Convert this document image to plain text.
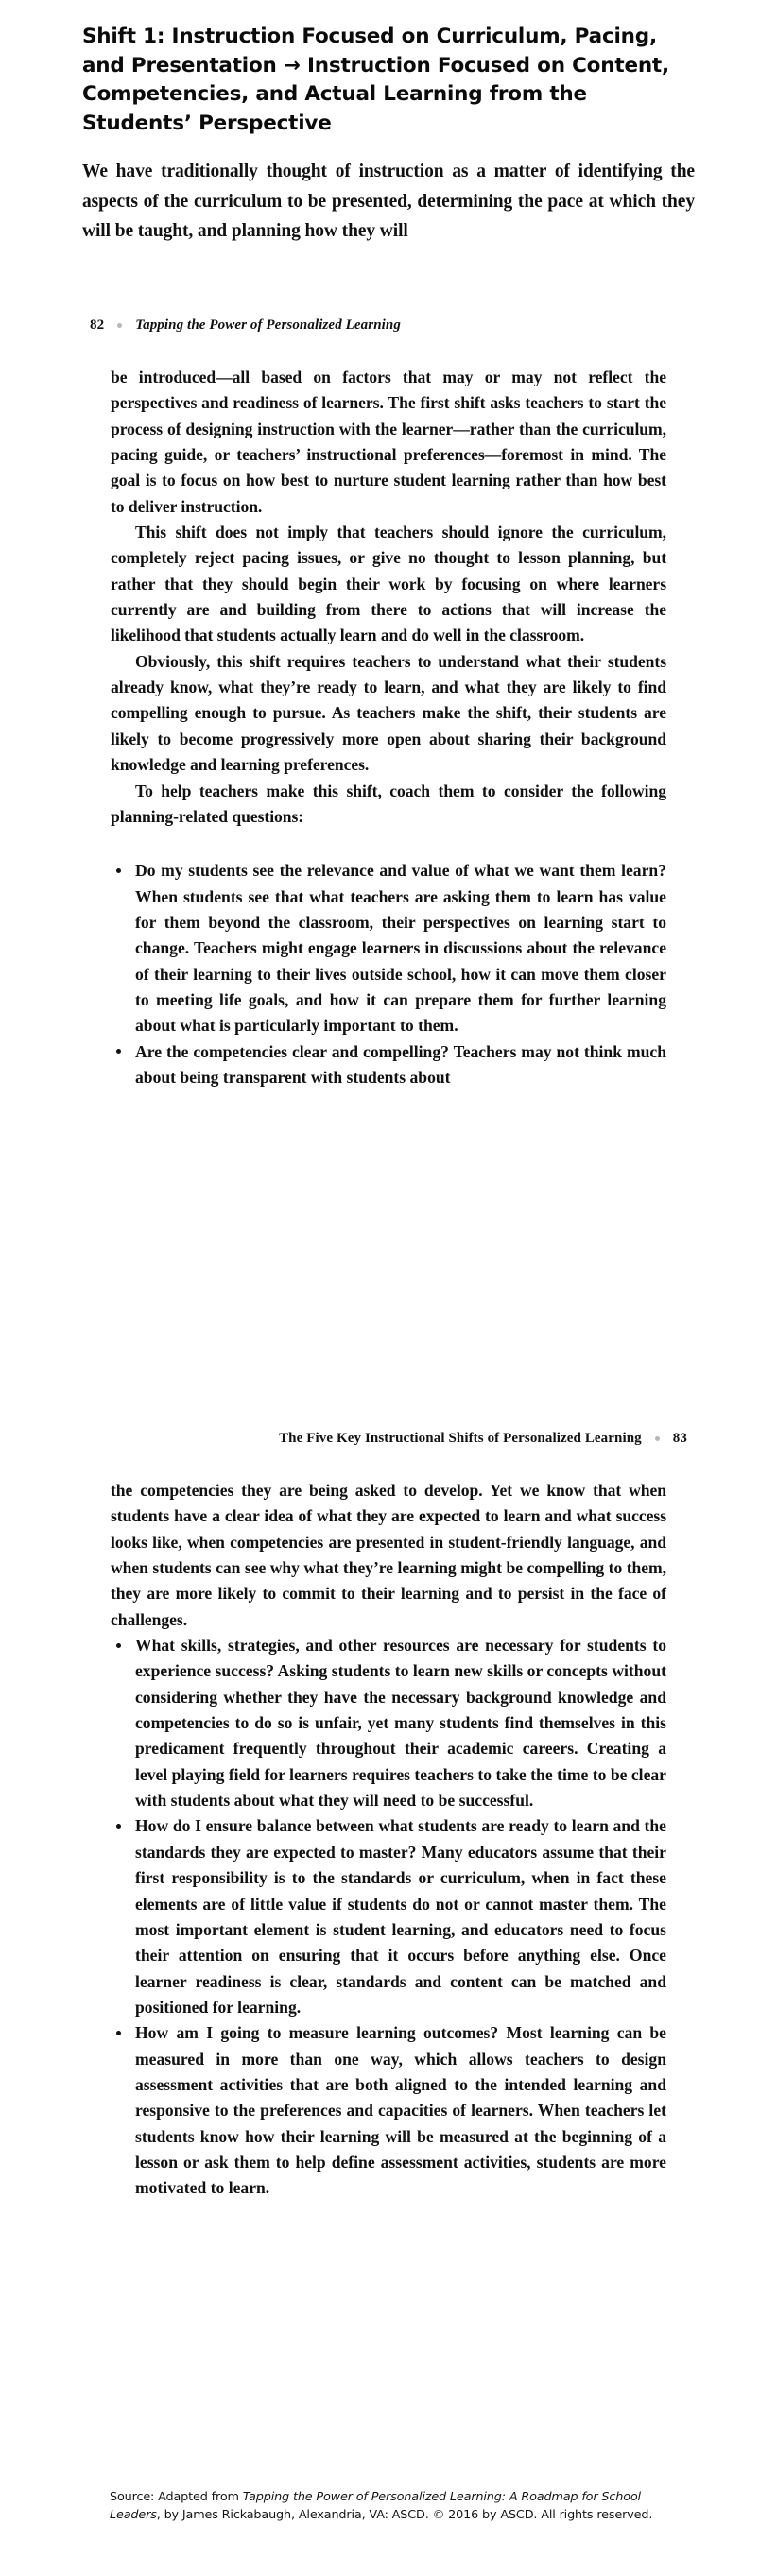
Shift 1: Instruction Focused on Curriculum, Pacing, and Presentation → Instruction Focused on Content, Competencies, and Actual Learning from the Students’ Perspective

We have traditionally thought of instruction as a matter of identifying the aspects of the curriculum to be presented, determining the pace at which they will be taught, and planning how they will

82 Tapping the Power of Personalized Learning

be introduced—all based on factors that may or may not reflect the perspectives and readiness of learners. The first shift asks teachers to start the process of designing instruction with the learner—rather than the curriculum, pacing guide, or teachers’ instructional preferences—foremost in mind. The goal is to focus on how best to nurture student learning rather than how best to deliver instruction.

This shift does not imply that teachers should ignore the curriculum, completely reject pacing issues, or give no thought to lesson planning, but rather that they should begin their work by focusing on where learners currently are and building from there to actions that will increase the likelihood that students actually learn and do well in the classroom.

Obviously, this shift requires teachers to understand what their students already know, what they’re ready to learn, and what they are likely to find compelling enough to pursue. As teachers make the shift, their students are likely to become progressively more open about sharing their background knowledge and learning preferences.

To help teachers make this shift, coach them to consider the following planning-related questions:

Do my students see the relevance and value of what we want them learn? When students see that what teachers are asking them to learn has value for them beyond the classroom, their perspectives on learning start to change. Teachers might engage learners in discussions about the relevance of their learning to their lives outside school, how it can move them closer to meeting life goals, and how it can prepare them for further learning about what is particularly important to them.
Are the competencies clear and compelling? Teachers may not think much about being transparent with students about
The Five Key Instructional Shifts of Personalized Learning 83

the competencies they are being asked to develop. Yet we know that when students have a clear idea of what they are expected to learn and what success looks like, when competencies are presented in student-friendly language, and when students can see why what they’re learning might be compelling to them, they are more likely to commit to their learning and to persist in the face of challenges.

What skills, strategies, and other resources are necessary for students to experience success? Asking students to learn new skills or concepts without considering whether they have the necessary background knowledge and competencies to do so is unfair, yet many students find themselves in this predicament frequently throughout their academic careers. Creating a level playing field for learners requires teachers to take the time to be clear with students about what they will need to be successful.
How do I ensure balance between what students are ready to learn and the standards they are expected to master? Many educators assume that their first responsibility is to the standards or curriculum, when in fact these elements are of little value if students do not or cannot master them. The most important element is student learning, and educators need to focus their attention on ensuring that it occurs before anything else. Once learner readiness is clear, standards and content can be matched and positioned for learning.
How am I going to measure learning outcomes? Most learning can be measured in more than one way, which allows teachers to design assessment activities that are both aligned to the intended learning and responsive to the preferences and capacities of learners. When teachers let students know how their learning will be measured at the beginning of a lesson or ask them to help define assessment activities, students are more motivated to learn.
Source: Adapted from Tapping the Power of Personalized Learning: A Roadmap for School Leaders, by James Rickabaugh, Alexandria, VA: ASCD. © 2016 by ASCD. All rights reserved.
